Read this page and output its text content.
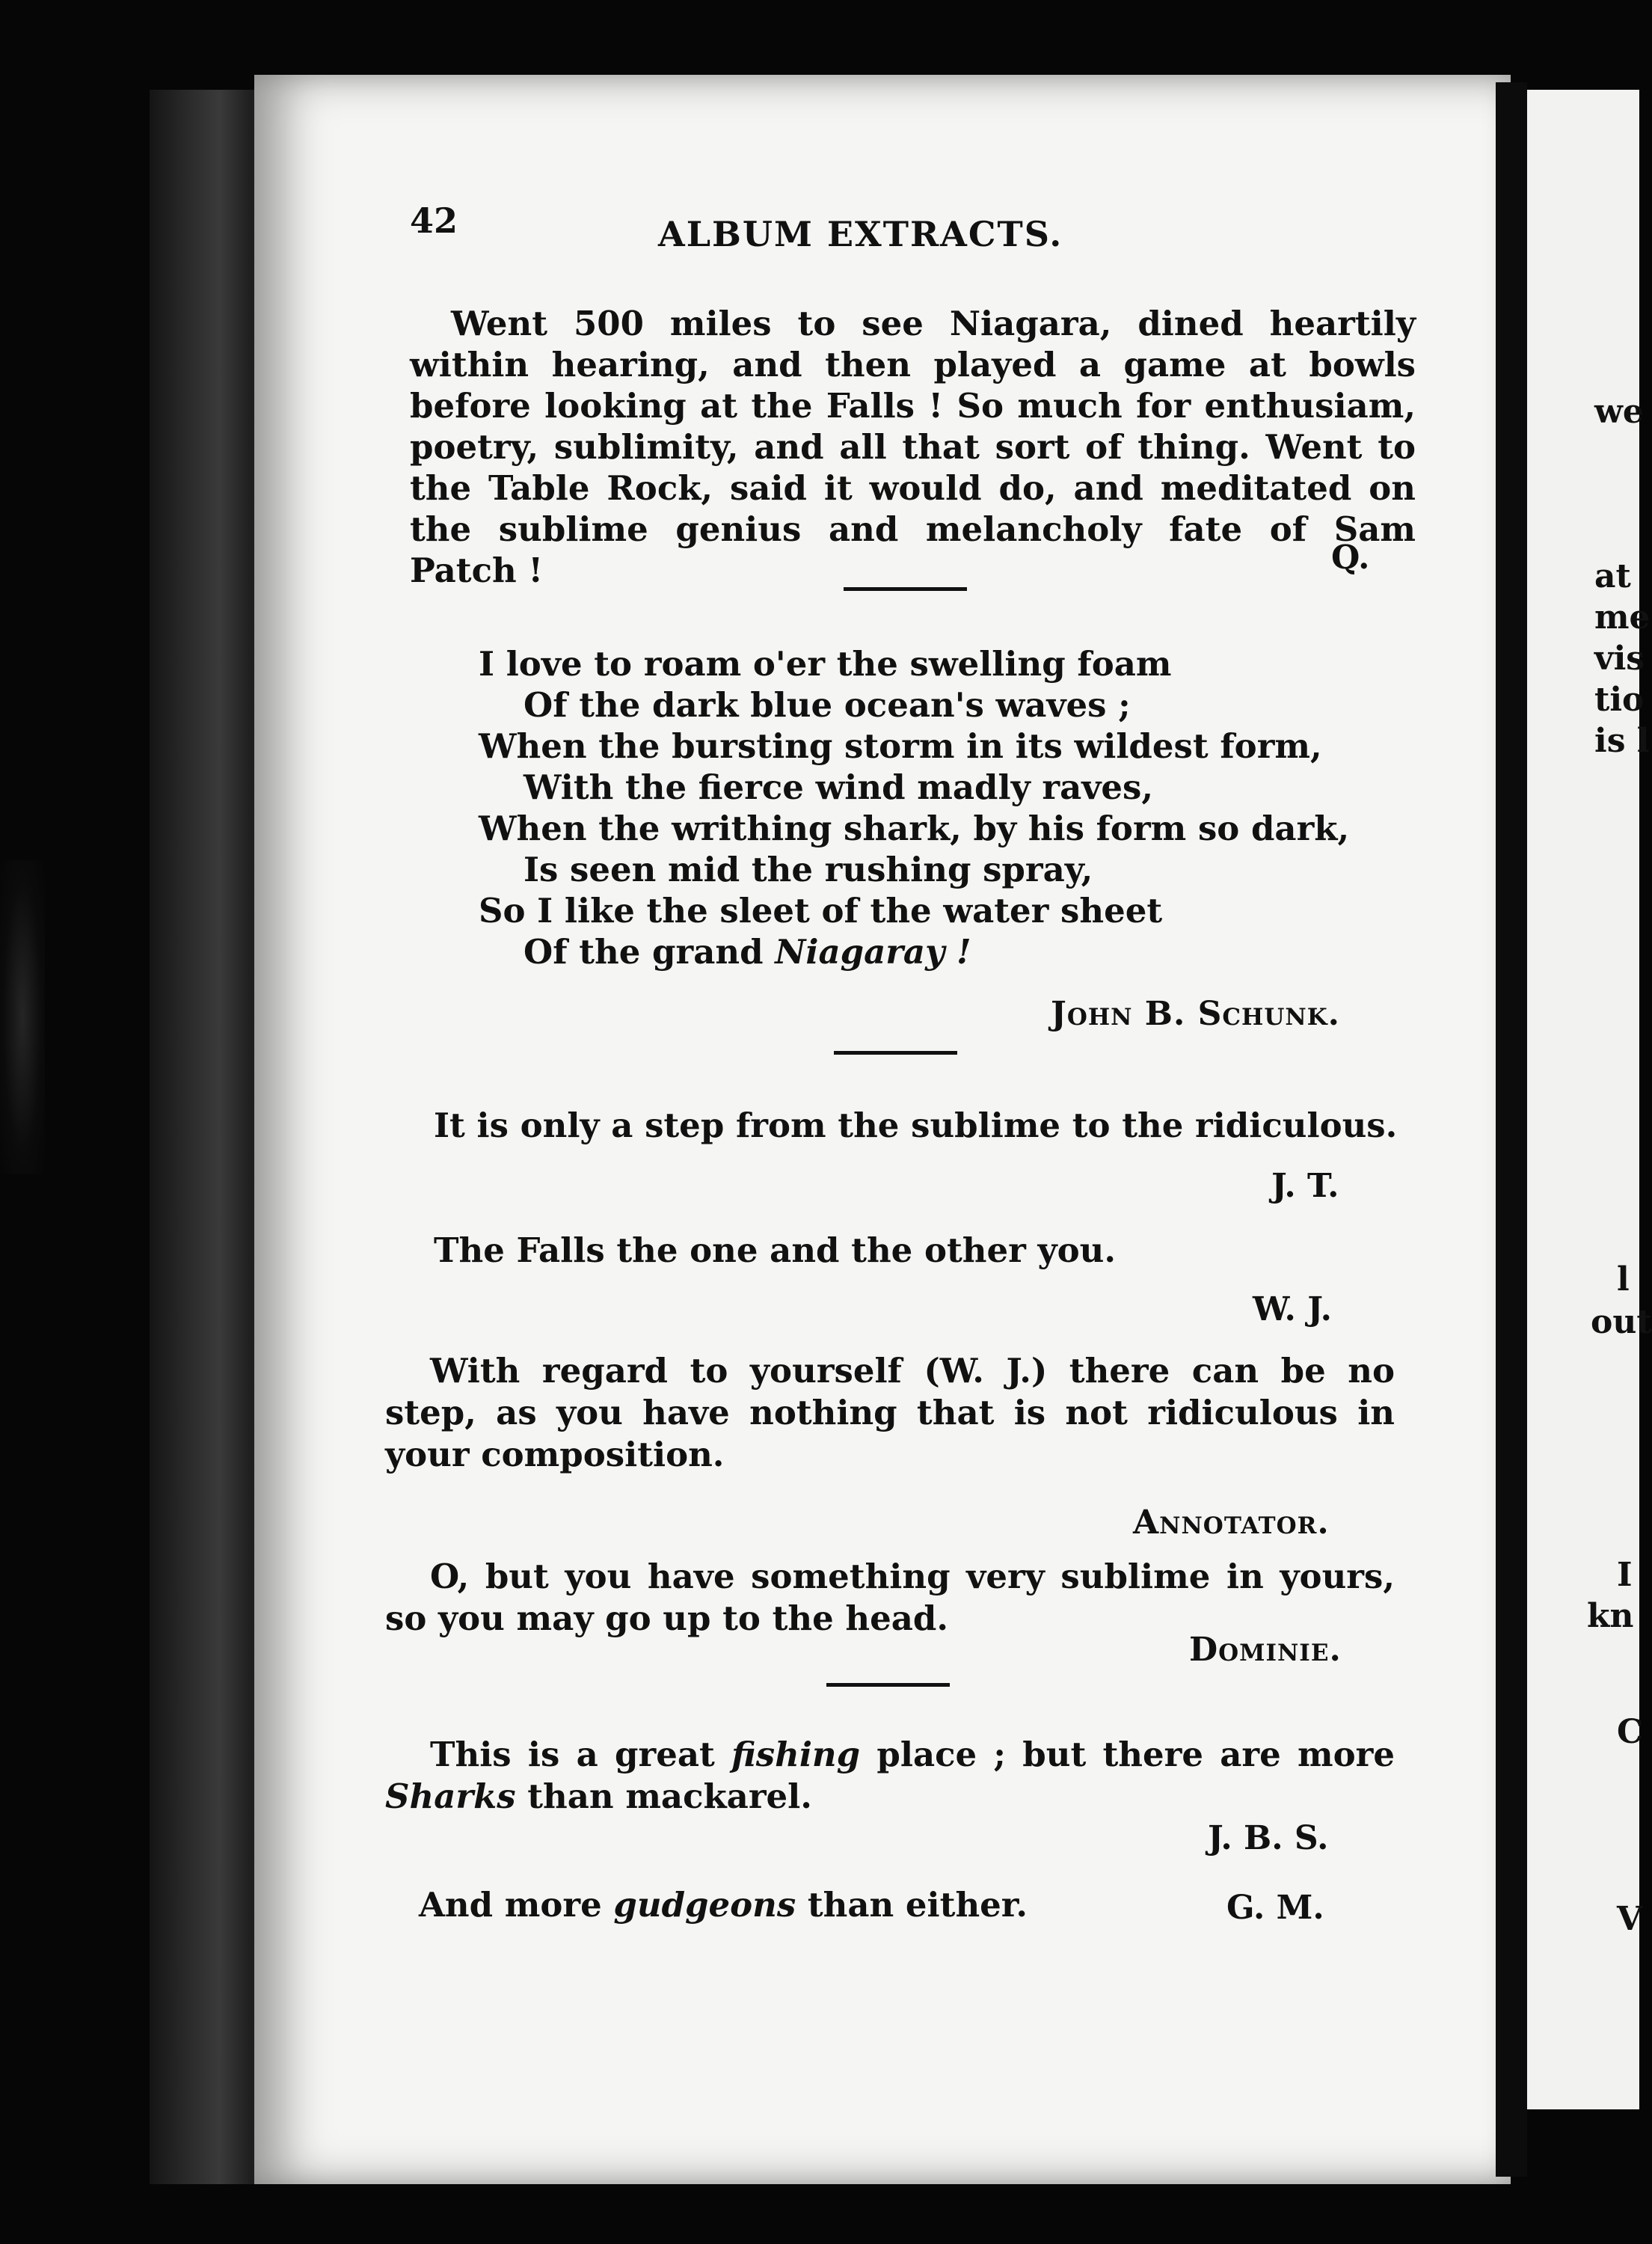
we
at
me
vis
tio
is l
l
out
I
kn
C
V
42	ALBUM EXTRACTS.
Went 500 miles to see Niagara, dined heartily within hearing, and then played a game at bowls before looking at the Falls ! So much for enthusiam, poetry, sublimity, and all that sort of thing. Went to the Table Rock, said it would do, and meditated on the sublime genius and melancholy fate of Sam Patch !	Q.
I love to roam o'er the swelling foam
Of the dark blue ocean's waves ;
When the bursting storm in its wildest form,
With the fierce wind madly raves,
When the writhing shark, by his form so dark,
Is seen mid the rushing spray,
So I like the sleet of the water sheet
Of the grand Niagaray !
John B. Schunk.
It is only a step from the sublime to the ridiculous.
J. T.
The Falls the one and the other you.
W. J.
With regard to yourself (W. J.) there can be no step, as you have nothing that is not ridiculous in your composition.
Annotator.
O, but you have something very sublime in yours, so you may go up to the head.
Dominie.
This is a great fishing place ; but there are more Sharks than mackarel.
J. B. S.
And more gudgeons than either.	G. M.
